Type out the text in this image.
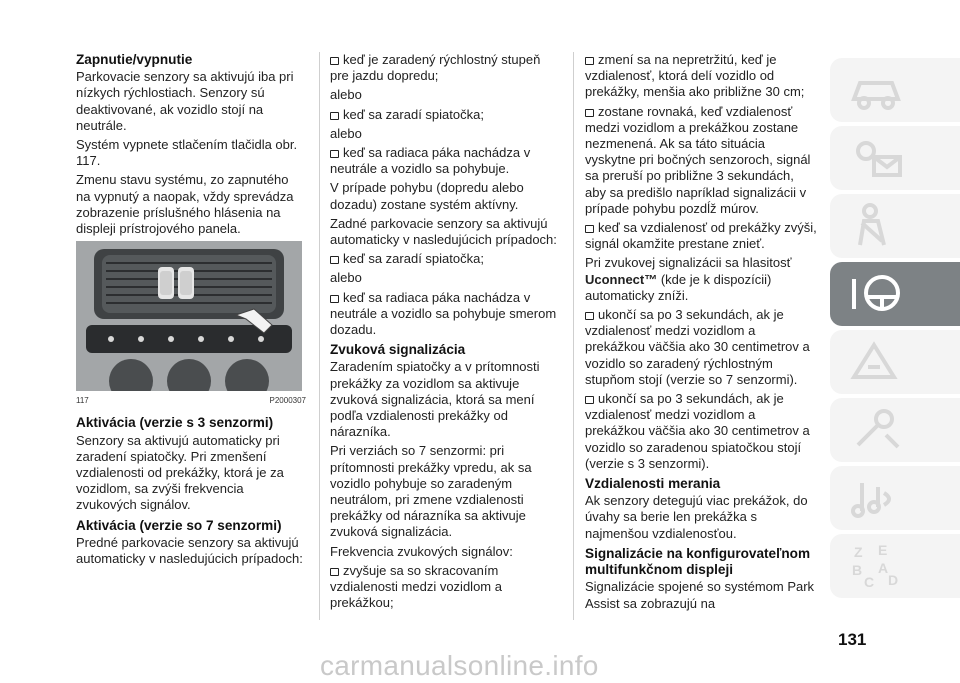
Zapnutie/vypnutie

Parkovacie senzory sa aktivujú iba pri nízkych rýchlostiach. Senzory sú deaktivované, ak vozidlo stojí na neutrále.

Systém vypnete stlačením tlačidla obr. 117.

Zmenu stavu systému, zo zapnutého na vypnutý a naopak, vždy sprevádza zobrazenie príslušného hlásenia na displeji prístrojového panela.

117	P2000307
Aktivácia (verzie s 3 senzormi)

Senzory sa aktivujú automaticky pri zaradení spiatočky. Pri zmenšení vzdialenosti od prekážky, ktorá je za vozidlom, sa zvýši frekvencia zvukových signálov.

Aktivácia (verzie so 7 senzormi)

Predné parkovacie senzory sa aktivujú automaticky v nasledujúcich prípadoch:

keď je zaradený rýchlostný stupeň pre jazdu dopredu;

alebo

keď sa zaradí spiatočka;

alebo

keď sa radiaca páka nachádza v neutrále a vozidlo sa pohybuje.

V prípade pohybu (dopredu alebo dozadu) zostane systém aktívny.

Zadné parkovacie senzory sa aktivujú automaticky v nasledujúcich prípadoch:

keď sa zaradí spiatočka;

alebo

keď sa radiaca páka nachádza v neutrále a vozidlo sa pohybuje smerom dozadu.

Zvuková signalizácia

Zaradením spiatočky a v prítomnosti prekážky za vozidlom sa aktivuje zvuková signalizácia, ktorá sa mení podľa vzdialenosti prekážky od nárazníka.

Pri verziách so 7 senzormi: pri prítomnosti prekážky vpredu, ak sa vozidlo pohybuje so zaradeným neutrálom, pri zmene vzdialenosti prekážky od nárazníka sa aktivuje zvuková signalizácia.

Frekvencia zvukových signálov:

zvyšuje sa so skracovaním vzdialenosti medzi vozidlom a prekážkou;

zmení sa na nepretržitú, keď je vzdialenosť, ktorá delí vozidlo od prekážky, menšia ako približne 30 cm;

zostane rovnaká, keď vzdialenosť medzi vozidlom a prekážkou zostane nezmenená. Ak sa táto situácia vyskytne pri bočných senzoroch, signál sa preruší po približne 3 sekundách, aby sa predišlo napríklad signalizácii v prípade pohybu pozdĺž múrov.

keď sa vzdialenosť od prekážky zvýši, signál okamžite prestane znieť.

Pri zvukovej signalizácii sa hlasitosť Uconnect™ (kde je k dispozícii) automaticky zníži.

ukončí sa po 3 sekundách, ak je vzdialenosť medzi vozidlom a prekážkou väčšia ako 30 centimetrov a vozidlo so zaradený rýchlostným stupňom stojí (verzie so 7 senzormi).

ukončí sa po 3 sekundách, ak je vzdialenosť medzi vozidlom a prekážkou väčšia ako 30 centimetrov a vozidlo so zaradenou spiatočkou stojí (verzie s 3 senzormi).

Vzdialenosti merania

Ak senzory detegujú viac prekážok, do úvahy sa berie len prekážka s najmenšou vzdialenosťou.

Signalizácie na konfigurovateľnom multifunkčnom displeji

Signalizácie spojené so systémom Park Assist sa zobrazujú na

Z E
B A
C D
131
carmanualsonline.info
